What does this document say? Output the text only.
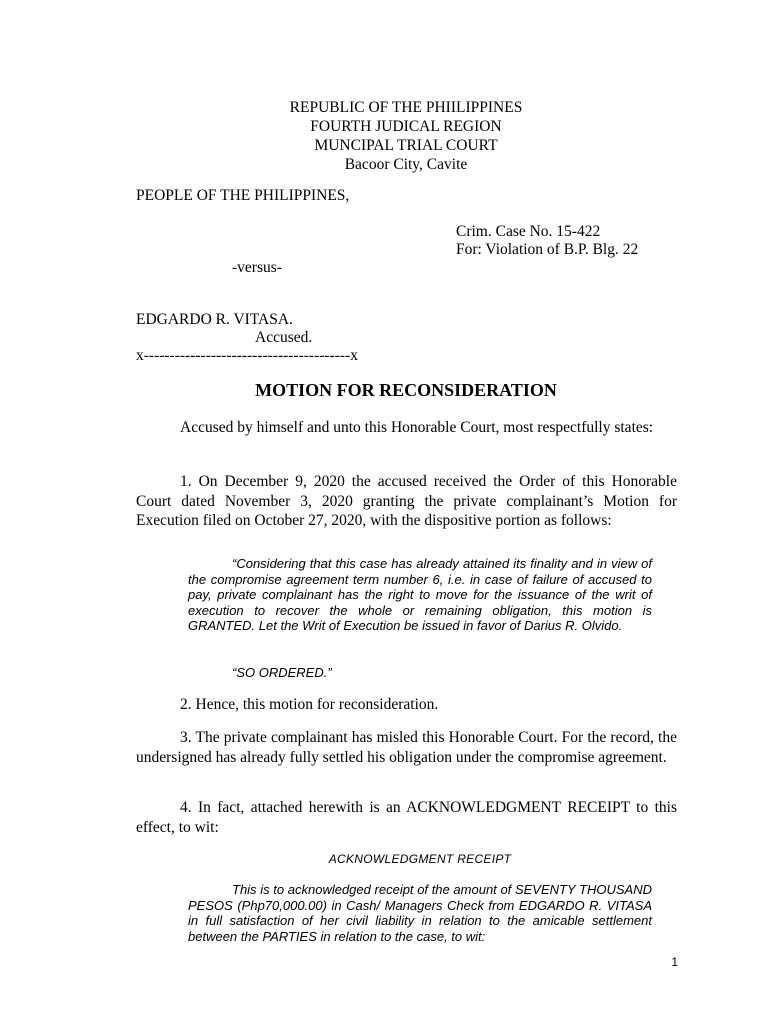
REPUBLIC OF THE PHIILIPPINES
FOURTH JUDICAL REGION
MUNCIPAL TRIAL COURT
Bacoor City, Cavite
PEOPLE OF THE PHILIPPINES,
Crim. Case No. 15-422
For: Violation of B.P. Blg. 22
-versus-
EDGARDO R. VITASA.
Accused.
x----------------------------------------x
MOTION FOR RECONSIDERATION

Accused by himself and unto this Honorable Court, most respectfully states:

1. On December 9, 2020 the accused received the Order of this Honorable Court dated November 3, 2020 granting the private complainant’s Motion for Execution filed on October 27, 2020, with the dispositive portion as follows:

“Considering that this case has already attained its finality and in view of the compromise agreement term number 6, i.e. in case of failure of accused to pay, private complainant has the right to move for the issuance of the writ of execution to recover the whole or remaining obligation, this motion is GRANTED. Let the Writ of Execution be issued in favor of Darius R. Olvido.

“SO ORDERED.”

2. Hence, this motion for reconsideration.

3. The private complainant has misled this Honorable Court. For the record, the undersigned has already fully settled his obligation under the compromise agreement.

4. In fact, attached herewith is an ACKNOWLEDGMENT RECEIPT to this effect, to wit:

ACKNOWLEDGMENT RECEIPT

This is to acknowledged receipt of the amount of SEVENTY THOUSAND PESOS (Php70,000.00) in Cash/ Managers Check from EDGARDO R. VITASA in full satisfaction of her civil liability in relation to the amicable settlement between the PARTIES in relation to the case, to wit:

1
